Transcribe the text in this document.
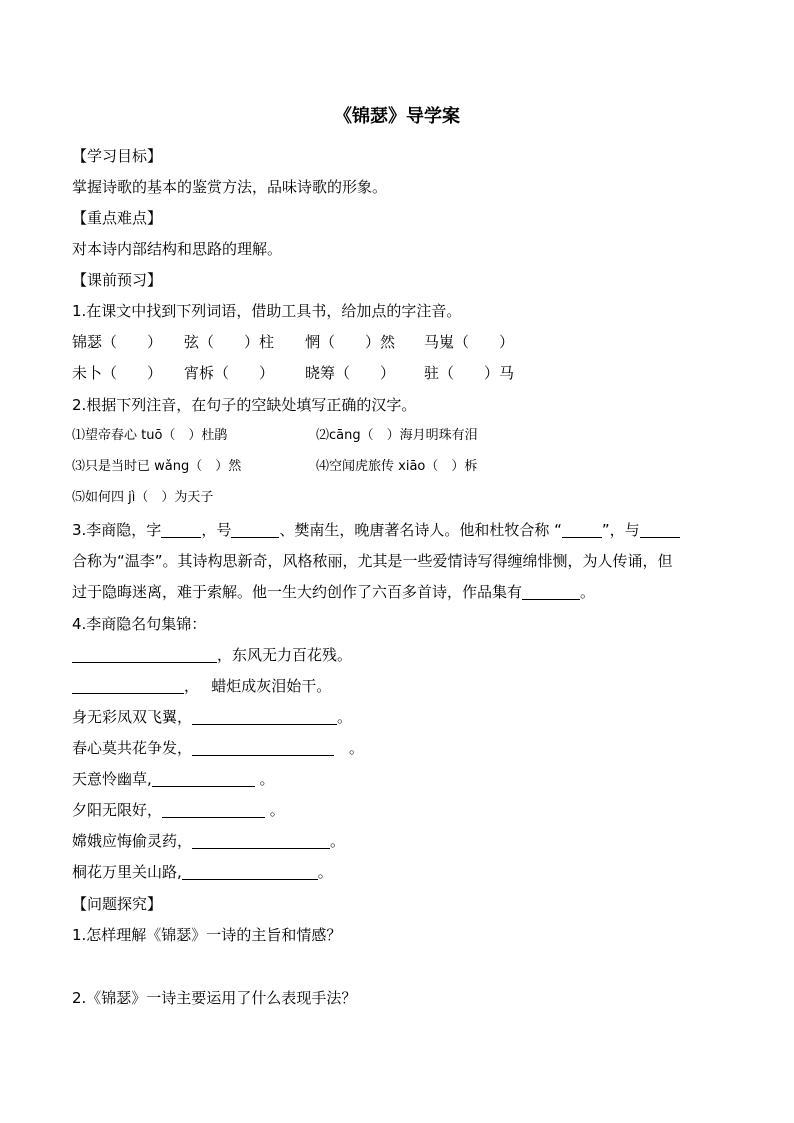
《锦瑟》导学案
【学习目标】
掌握诗歌的基本的鉴赏方法，品味诗歌的形象。
【重点难点】
对本诗内部结构和思路的理解。
【课前预习】
1.在课文中找到下列词语，借助工具书，给加点的字注音。
锦瑟（　　） 弦（　　）柱 惘（　　）然 马嵬（　　）
未卜（　　） 宵柝（　　） 晓筹（　　） 驻（　　）马
2.根据下列注音，在句子的空缺处填写正确的汉字。
⑴望帝春心 tuō（　）杜鹃	⑵cāng（　）海月明珠有泪
⑶只是当时已 wǎng（　）然	⑷空闻虎旅传 xiāo（　）柝
⑸如何四 jì（　）为天子
3.李商隐，字	，号	、樊南生，晚唐著名诗人。他和杜牧合称 “	”，与
合称为“温李”。其诗构思新奇，风格秾丽，尤其是一些爱情诗写得缠绵悱恻，为人传诵，但
过于隐晦迷离，难于索解。他一生大约创作了六百多首诗，作品集有	。
4.李商隐名句集锦：
，东风无力百花残。
，　 蜡炬成灰泪始干。
身无彩凤双飞翼，	。
春心莫共花争发，	　。
天意怜幽草,	。
夕阳无限好，	。
嫦娥应悔偷灵药，	。
桐花万里关山路,	。
【问题探究】
1.怎样理解《锦瑟》一诗的主旨和情感？
2.《锦瑟》一诗主要运用了什么表现手法？
